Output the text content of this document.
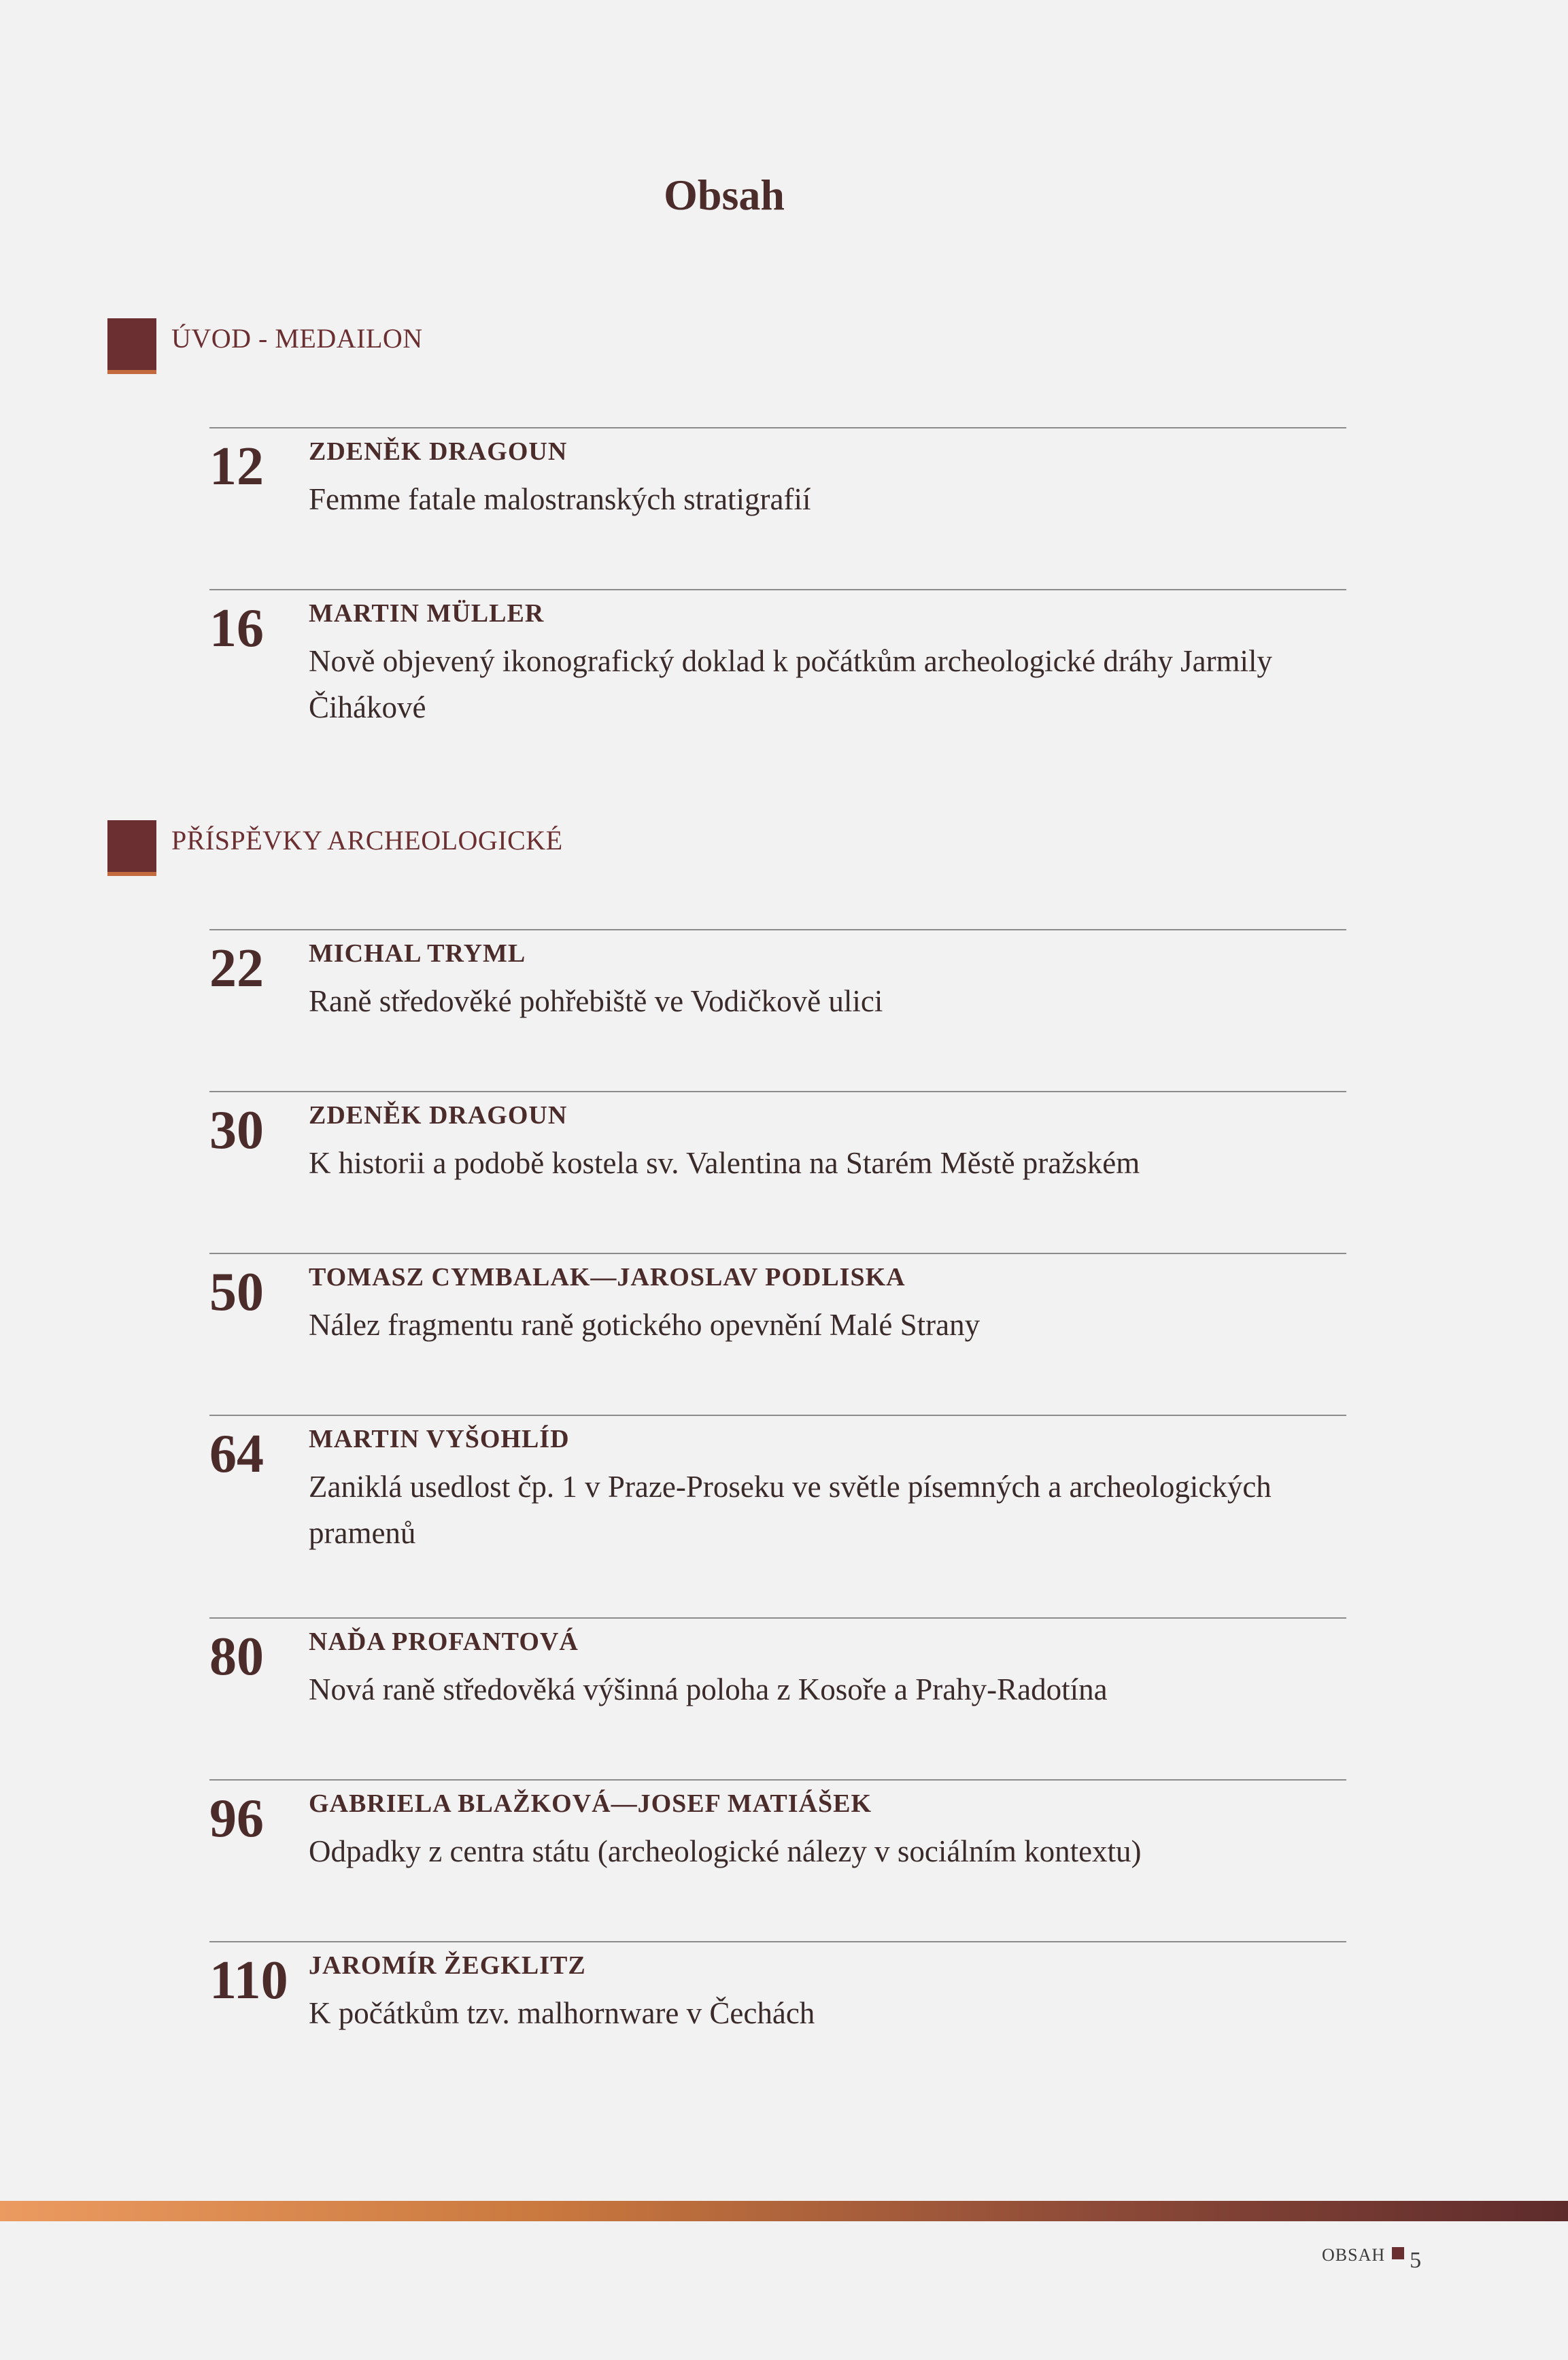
Obsah
ÚVOD - MEDAILON
12	ZDENĚK DRAGOUN
Femme fatale malostranských stratigrafií
16	MARTIN MÜLLER
Nově objevený ikonografický doklad k počátkům archeologické dráhy Jarmily Čihákové
PŘÍSPĚVKY ARCHEOLOGICKÉ
22	MICHAL TRYML
Raně středověké pohřebiště ve Vodičkově ulici
30	ZDENĚK DRAGOUN
K historii a podobě kostela sv. Valentina na Starém Městě pražském
50	TOMASZ CYMBALAK—JAROSLAV PODLISKA
Nález fragmentu raně gotického opevnění Malé Strany
64	MARTIN VYŠOHLÍD
Zaniklá usedlost čp. 1 v Praze-Proseku ve světle písemných a archeologických pramenů
80	NAĎA PROFANTOVÁ
Nová raně středověká výšinná poloha z Kosoře a Prahy-Radotína
96	GABRIELA BLAŽKOVÁ—JOSEF MATIÁŠEK
Odpadky z centra státu (archeologické nálezy v sociálním kontextu)
110 JAROMÍR ŽEGKLITZ
K počátkům tzv. malhornware v Čechách
OBSAH 5
